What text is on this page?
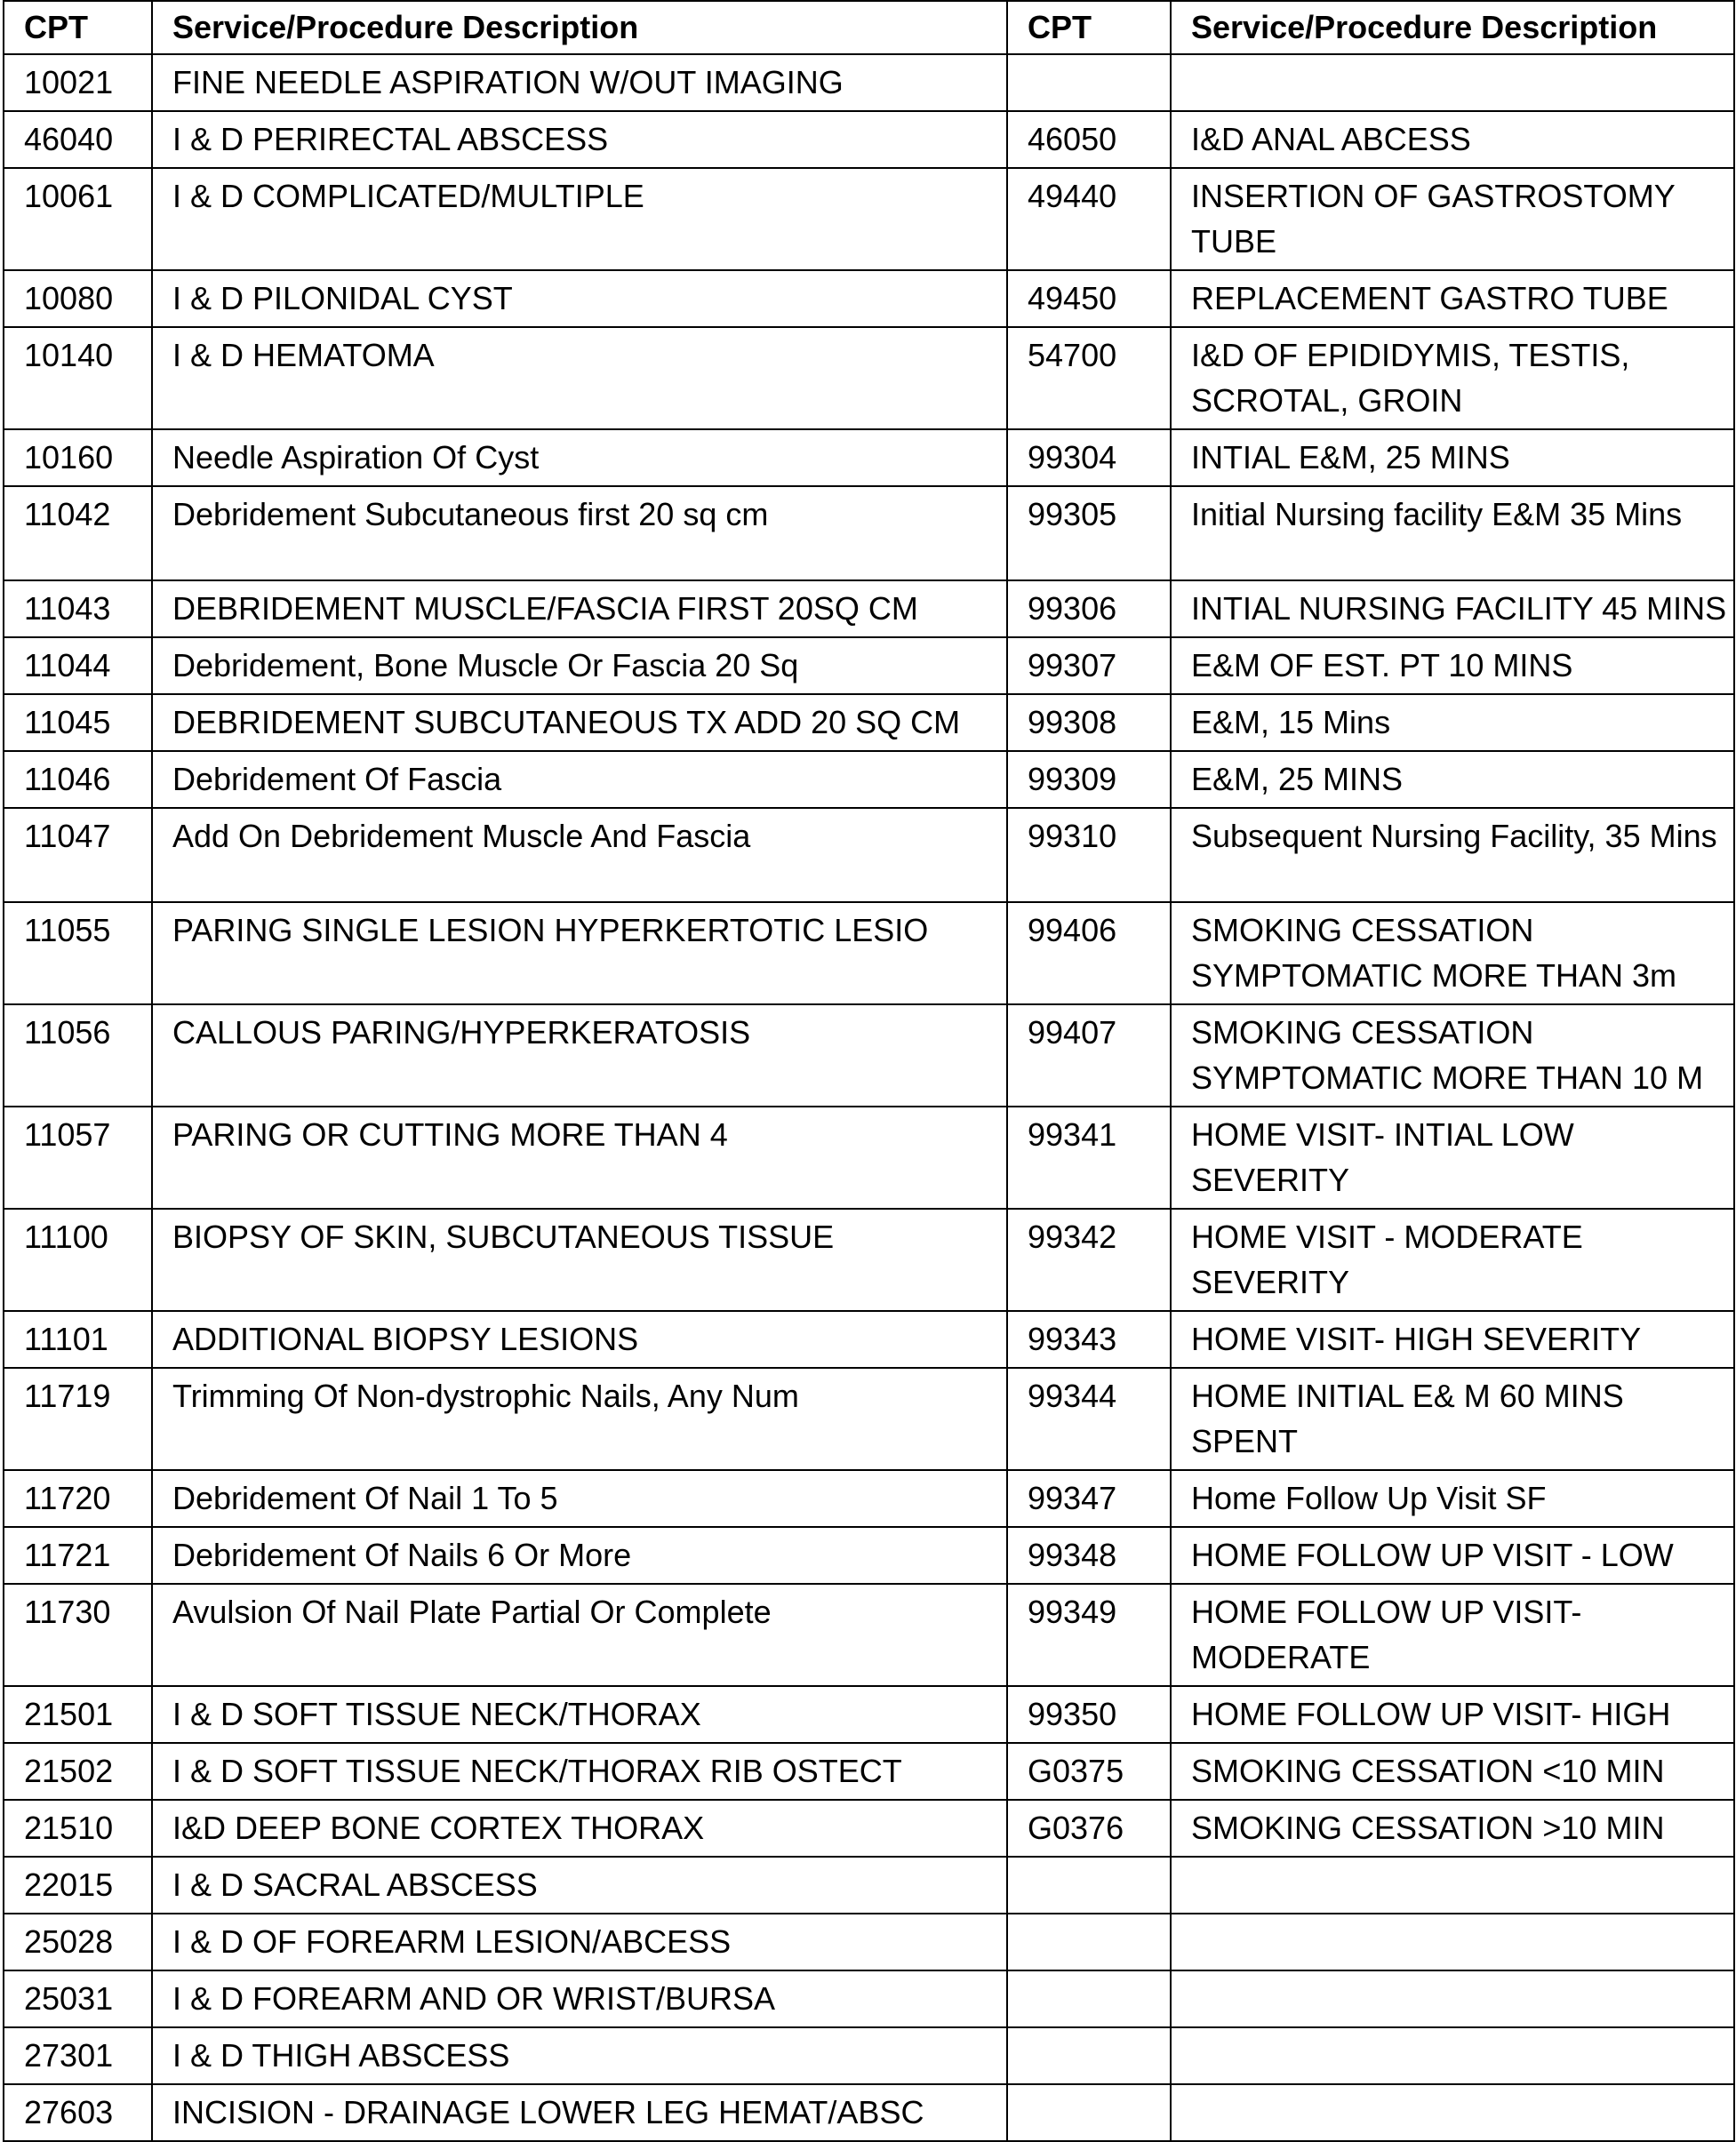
CPT	Service/Procedure Description	CPT	Service/Procedure Description
10021	FINE NEEDLE ASPIRATION W/OUT IMAGING		
46040	I & D PERIRECTAL ABSCESS	46050	I&D ANAL ABCESS
10061	I & D COMPLICATED/MULTIPLE	49440	INSERTION OF GASTROSTOMY TUBE
10080	I & D PILONIDAL CYST	49450	REPLACEMENT GASTRO TUBE
10140	I & D HEMATOMA	54700	I&D OF EPIDIDYMIS, TESTIS, SCROTAL, GROIN
10160	Needle Aspiration Of Cyst	99304	INTIAL E&M, 25 MINS
11042	Debridement Subcutaneous first 20 sq cm	99305	Initial Nursing facility E&M 35 Mins
11043	DEBRIDEMENT MUSCLE/FASCIA FIRST 20SQ CM	99306	INTIAL NURSING FACILITY 45 MINS
11044	Debridement, Bone Muscle Or Fascia 20 Sq	99307	E&M OF EST. PT 10 MINS
11045	DEBRIDEMENT SUBCUTANEOUS TX ADD 20 SQ CM	99308	E&M, 15 Mins
11046	Debridement Of Fascia	99309	E&M, 25 MINS
11047	Add On Debridement Muscle And Fascia	99310	Subsequent Nursing Facility, 35 Mins
11055	PARING SINGLE LESION HYPERKERTOTIC LESIO	99406	SMOKING CESSATION SYMPTOMATIC MORE THAN 3m
11056	CALLOUS PARING/HYPERKERATOSIS	99407	SMOKING CESSATION SYMPTOMATIC MORE THAN 10 M
11057	PARING OR CUTTING MORE THAN 4	99341	HOME VISIT- INTIAL LOW SEVERITY
11100	BIOPSY OF SKIN, SUBCUTANEOUS TISSUE	99342	HOME VISIT - MODERATE SEVERITY
11101	ADDITIONAL BIOPSY LESIONS	99343	HOME VISIT- HIGH SEVERITY
11719	Trimming Of Non-dystrophic Nails, Any Num	99344	HOME INITIAL E& M 60 MINS SPENT
11720	Debridement Of Nail 1 To 5	99347	Home Follow Up Visit SF
11721	Debridement Of Nails 6 Or More	99348	HOME FOLLOW UP VISIT - LOW
11730	Avulsion Of Nail Plate Partial Or Complete	99349	HOME FOLLOW UP VISIT- MODERATE
21501	I & D SOFT TISSUE NECK/THORAX	99350	HOME FOLLOW UP VISIT- HIGH
21502	I & D SOFT TISSUE NECK/THORAX RIB OSTECT	G0375	SMOKING CESSATION <10 MIN
21510	I&D DEEP BONE CORTEX THORAX	G0376	SMOKING CESSATION >10 MIN
22015	I & D SACRAL ABSCESS		
25028	I & D OF FOREARM LESION/ABCESS		
25031	I & D FOREARM AND OR WRIST/BURSA		
27301	I & D THIGH ABSCESS		
27603	INCISION - DRAINAGE LOWER LEG HEMAT/ABSC		
